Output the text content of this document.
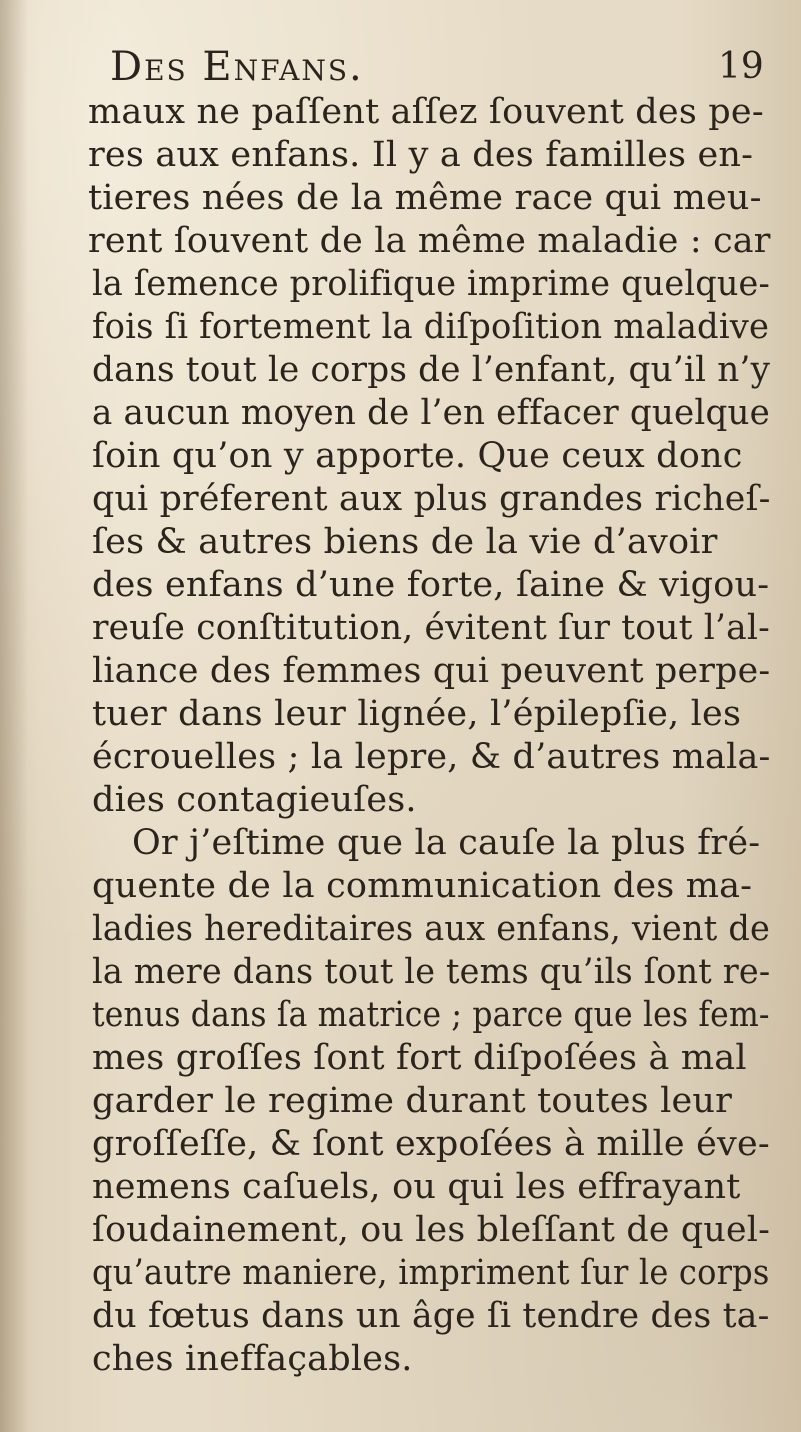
Des Enfans.	19
maux ne paſſent aſſez ſouvent des pe-
res aux enfans. Il y a des familles en-
tieres nées de la même race qui meu-
rent ſouvent de la même maladie : car
la ſemence prolifique imprime quelque-
fois ſi fortement la diſpoſition maladive
dans tout le corps de l’enfant, qu’il n’y
a aucun moyen de l’en effacer quelque
ſoin qu’on y apporte. Que ceux donc
qui préferent aux plus grandes richeſ-
ſes & autres biens de la vie d’avoir
des enfans d’une forte, ſaine & vigou-
reuſe conſtitution, évitent ſur tout l’al-
liance des femmes qui peuvent perpe-
tuer dans leur lignée, l’épilepſie, les
écrouelles ; la lepre, & d’autres mala-
dies contagieuſes.
Or j’eſtime que la cauſe la plus fré-
quente de la communication des ma-
ladies hereditaires aux enfans, vient de
la mere dans tout le tems qu’ils ſont re-
tenus dans ſa matrice ; parce que les fem-
mes groſſes ſont fort diſpoſées à mal
garder le regime durant toutes leur
groſſeſſe, & ſont expoſées à mille éve-
nemens caſuels, ou qui les effrayant
ſoudainement, ou les bleſſant de quel-
qu’autre maniere, impriment ſur le corps
du fœtus dans un âge ſi tendre des ta-
ches ineffaçables.
